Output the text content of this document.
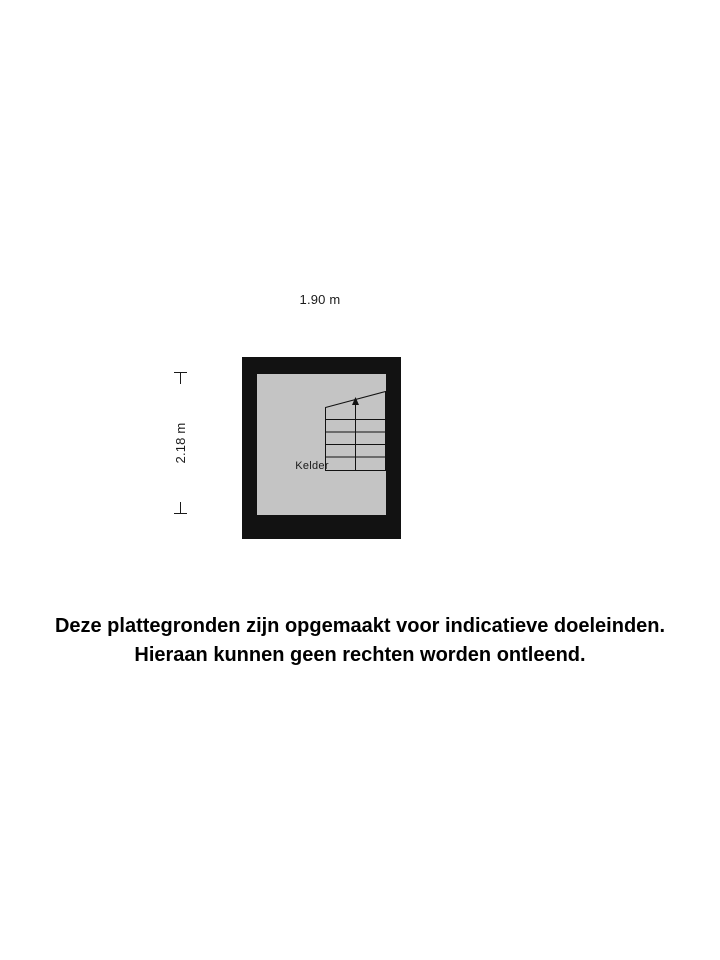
1.90 m
2.18 m
Kelder
Deze plattegronden zijn opgemaakt voor indicatieve doeleinden.
Hieraan kunnen geen rechten worden ontleend.
